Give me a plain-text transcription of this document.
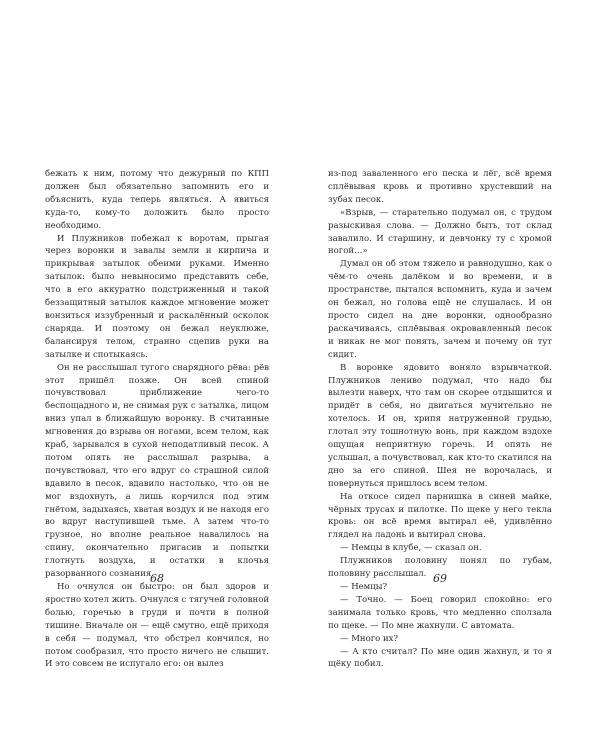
бежать к ним, потому что дежурный по КПП должен был обязательно запомнить его и объяснить, куда теперь являться. А явиться куда-то, кому-то доложить было просто необходимо.

И Плужников побежал к воротам, прыгая через воронки и завалы земли и кирпича и прикрывая затылок обеими руками. Именно затылок: было невыносимо представить себе, что в его аккуратно подстриженный и такой беззащитный затылок каждое мгновение может вонзиться иззубренный и раскалённый осколок снаряда. И поэтому он бежал неуклюже, балансируя телом, странно сцепив руки на затылке и спотыкаясь.

Он не расслышал тугого снарядного рёва: рёв этот пришёл позже. Он всей спиной почувствовал приближение чего-то беспощадного и, не снимая рук с затылка, лицом вниз упал в ближайшую воронку. В считанные мгновения до взрыва он ногами, всем телом, как краб, зарывался в сухой неподатливый песок. А потом опять не расслышал разрыва, а почувствовал, что его вдруг со страшной силой вдавило в песок, вдавило настолько, что он не мог вздохнуть, а лишь корчился под этим гнётом, задыхаясь, хватая воздух и не находя его во вдруг наступившей тьме. А затем что-то грузное, но вполне реальное навалилось на спину, окончательно пригасив и попытки глотнуть воздуха, и остатки в клочья разорванного сознания.

Но очнулся он быстро: он был здоров и яростно хотел жить. Очнулся с тягучей головной болью, горечью в груди и почти в полной тишине. Вначале он — ещё смутно, ещё приходя в себя — подумал, что обстрел кончился, но потом сообразил, что просто ничего не слышит. И это совсем не испугало его: он вылез

68

из-под заваленного его песка и лёг, всё время сплёвывая кровь и противно хрустевший на зубах песок.

«Взрыв, — старательно подумал он, с трудом разыскивая слова. — Должно быть, тот склад завалило. И старшину, и девчонку ту с хромой ногой…»

Думал он об этом тяжело и равнодушно, как о чём-то очень далёком и во времени, и в пространстве, пытался вспомнить, куда и зачем он бежал, но голова ещё не слушалась. И он просто сидел на дне воронки, однообразно раскачиваясь, сплёвывая окровавленный песок и никак не мог понять, зачем и почему он тут сидит.

В воронке ядовито воняло взрывчаткой. Плужников лениво подумал, что надо бы вылезти наверх, что там он скорее отдышится и придёт в себя, но двигаться мучительно не хотелось. И он, хрипя натруженной грудью, глотал эту тошнотную вонь, при каждом вздохе ощущая неприятную горечь. И опять не услышал, а почувствовал, как кто-то скатился на дно за его спиной. Шея не ворочалась, и повернуться пришлось всем телом.

На откосе сидел парнишка в синей майке, чёрных трусах и пилотке. По щеке у него текла кровь: он всё время вытирал её, удивлённо глядел на ладонь и вытирал снова.

— Немцы в клубе, — сказал он.

Плужников половину понял по губам, половину расслышал.

— Немцы?

— Точно. — Боец говорил спокойно: его занимала только кровь, что медленно сползала по щеке. — По мне жахнули. С автомата.

— Много их?

— А кто считал? По мне один жахнул, и то я щёку побил.

69
